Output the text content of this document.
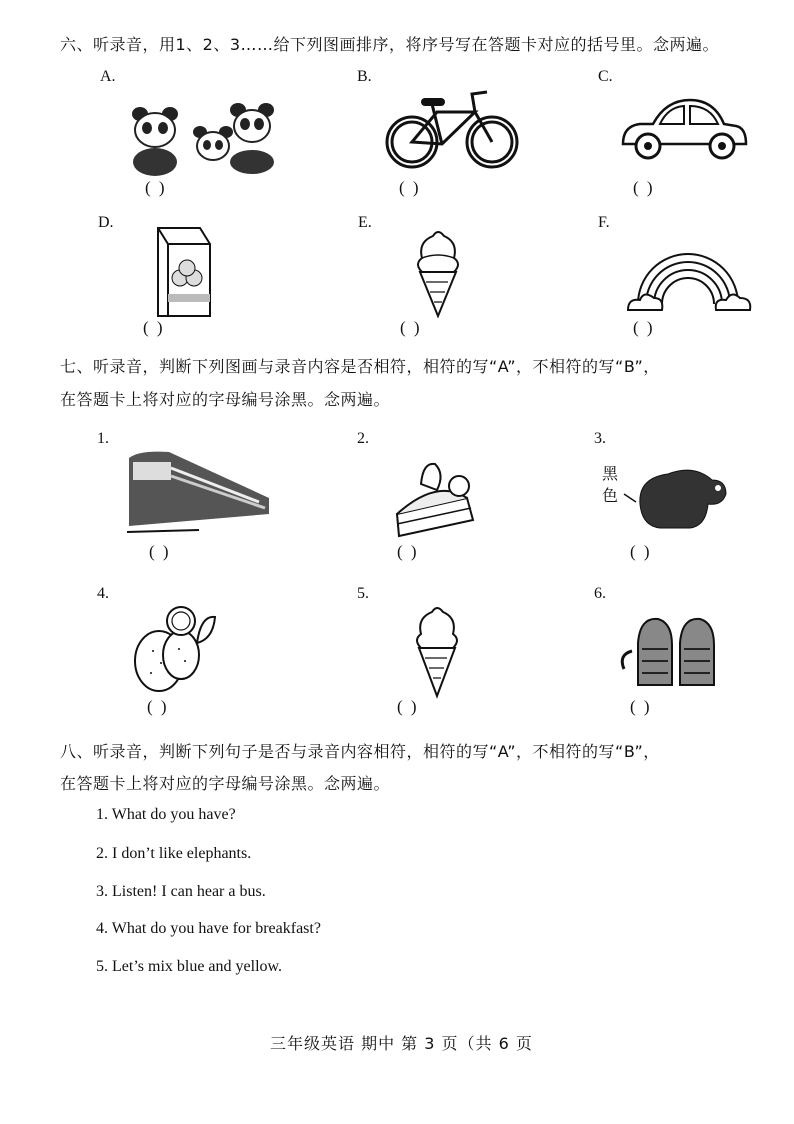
六、听录音，用1、2、3……给下列图画排序，将序号写在答题卡对应的括号里。念两遍。
A.
( )
B.
( )
C.
( )
D.
( )
E.
( )
F.
( )
七、听录音，判断下列图画与录音内容是否相符，相符的写“A”，不相符的写“B”，
在答题卡上将对应的字母编号涂黑。念两遍。
1.
( )
2.
( )
3.
黑色
( )
4.
( )
5.
( )
6.
( )
八、听录音，判断下列句子是否与录音内容相符，相符的写“A”，不相符的写“B”，
在答题卡上将对应的字母编号涂黑。念两遍。
1. What do you have?
2. I don’t like elephants.
3. Listen! I can hear a bus.
4. What do you have for breakfast?
5. Let’s mix blue and yellow.
三年级英语 期中 第 3 页（共 6 页
